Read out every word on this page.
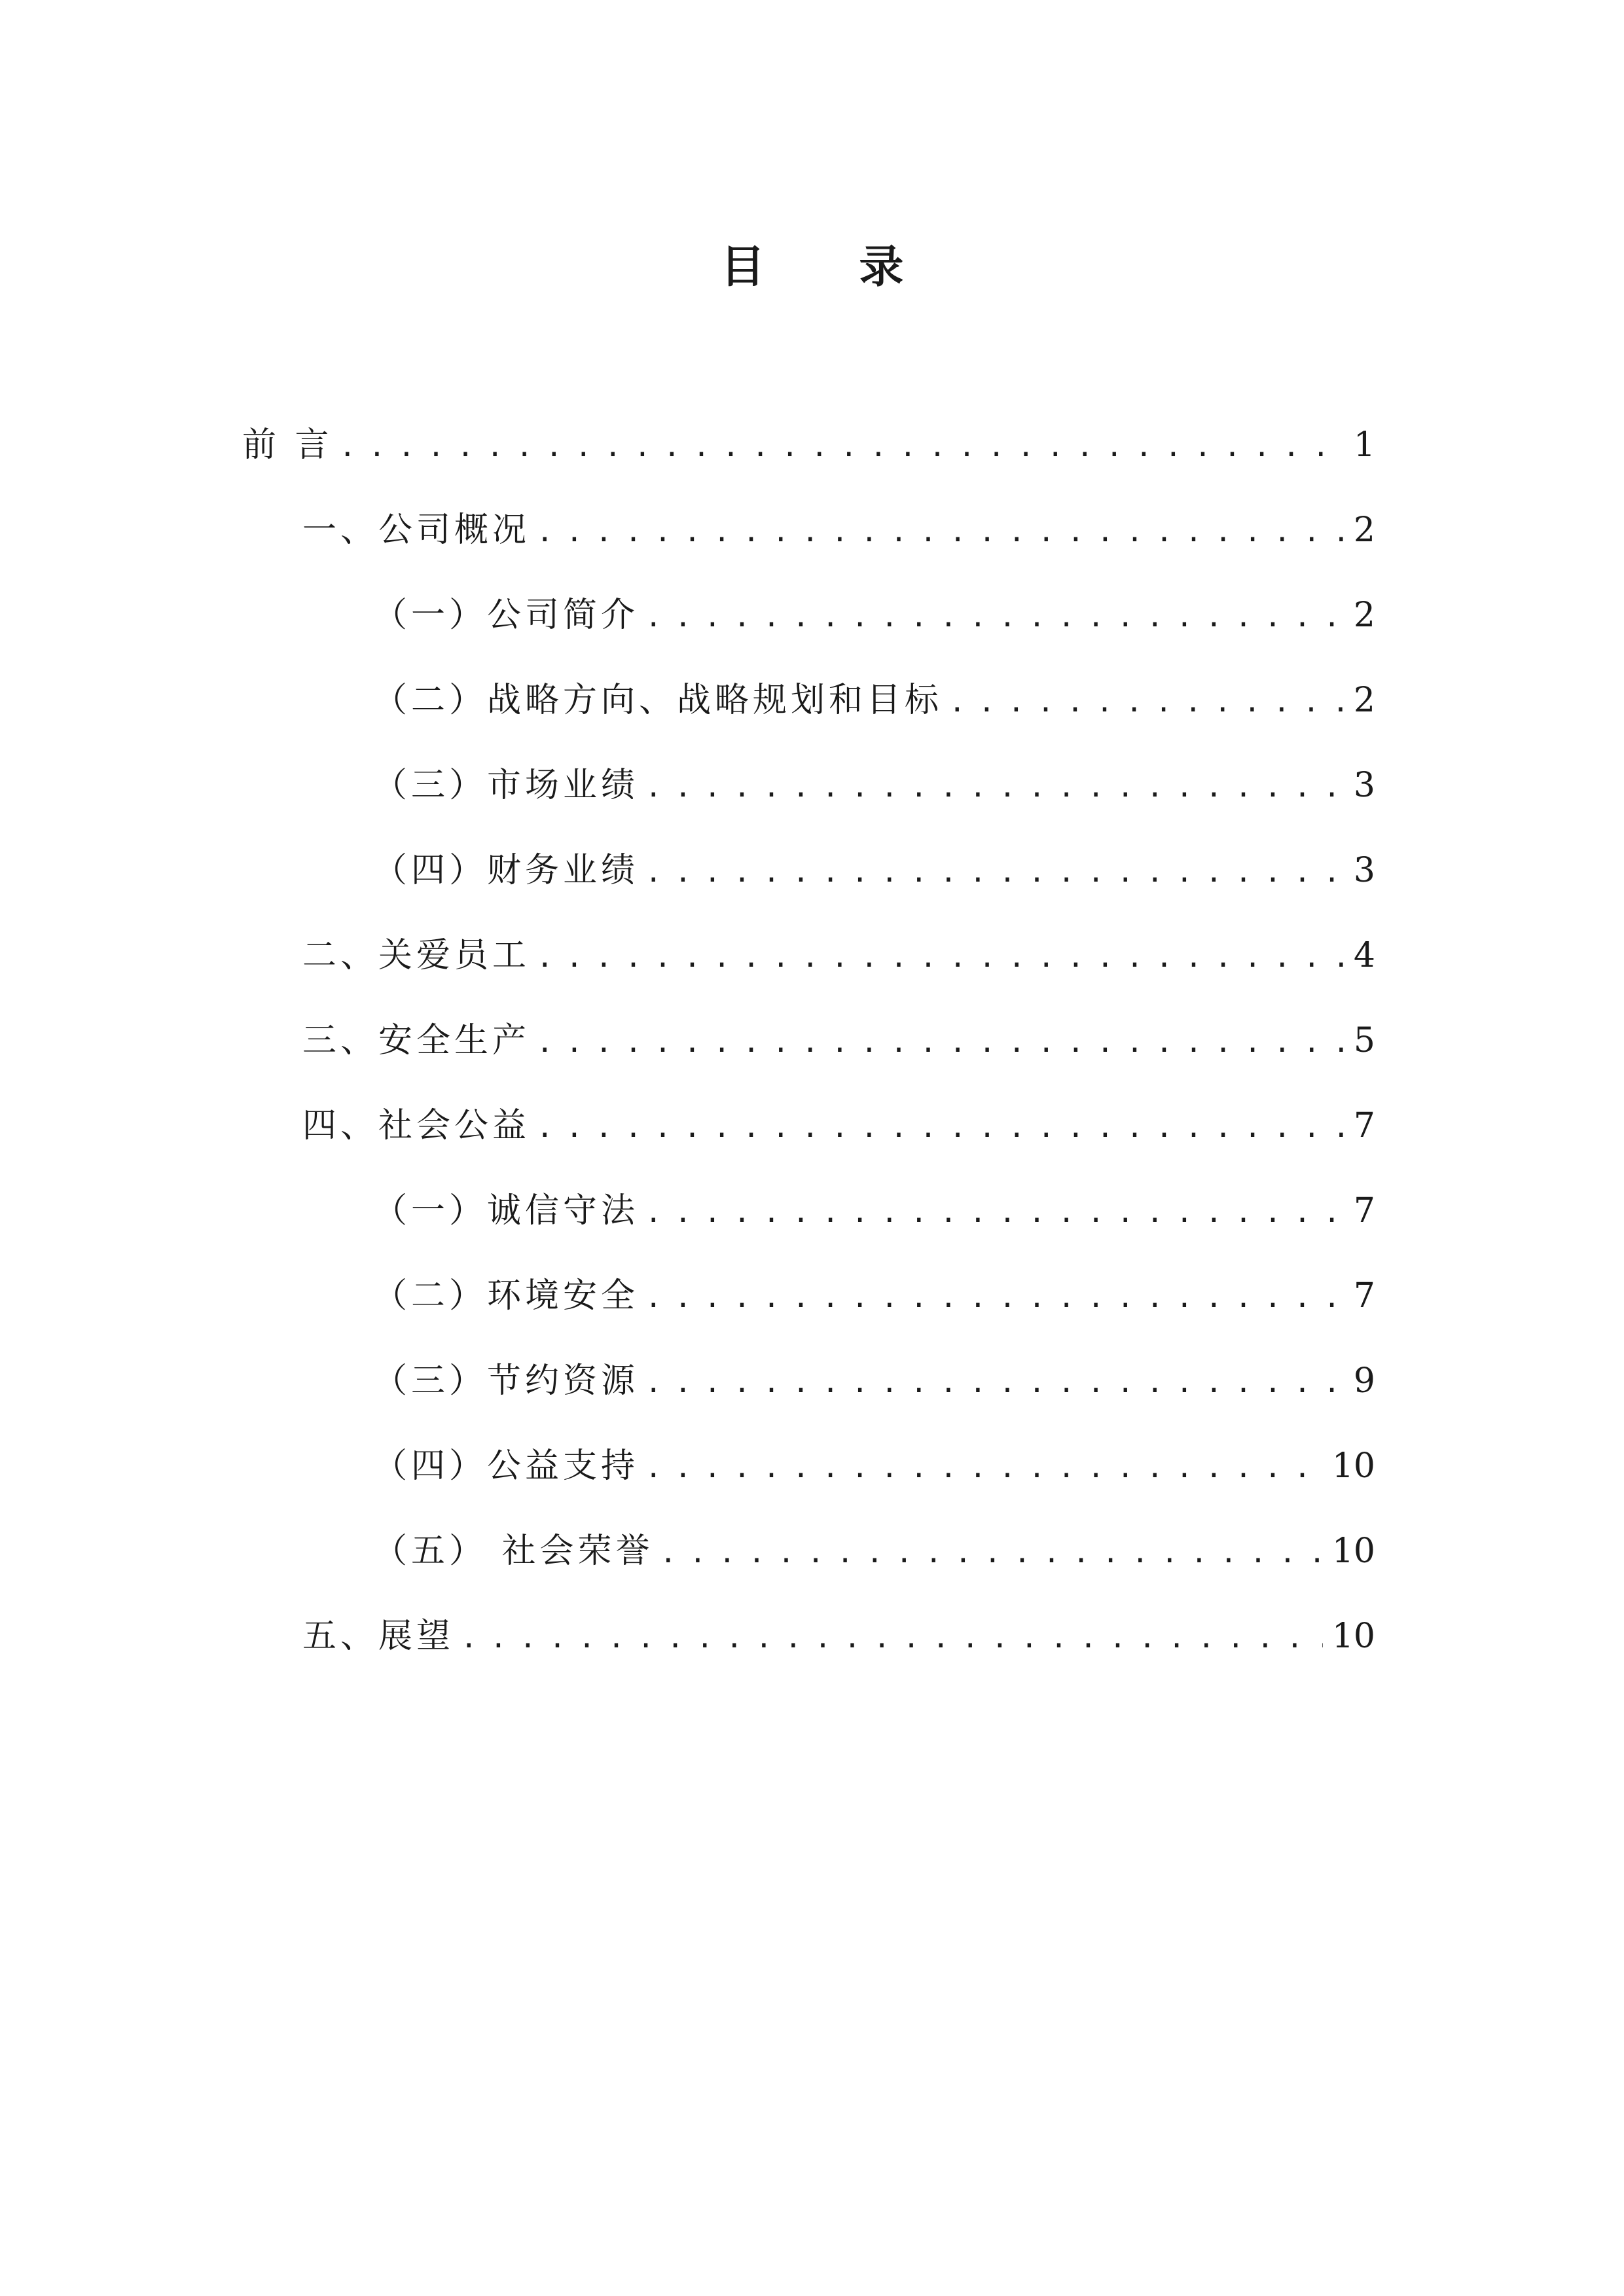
目 录
前 言 . . .	1
一、公司概况 . . .	2
（一）公司简介 . . .	2
（二）战略方向、战略规划和目标 . . .	2
（三）市场业绩 . . .	3
（四）财务业绩 . . .	3
二、关爱员工 . . .	4
三、安全生产 . . .	5
四、社会公益 . . .	7
（一）诚信守法 . . .	7
（二）环境安全 . . .	7
（三）节约资源 . . .	9
（四）公益支持 . . .	10
（五） 社会荣誉 . . .	10
五、展望 . . .	10
